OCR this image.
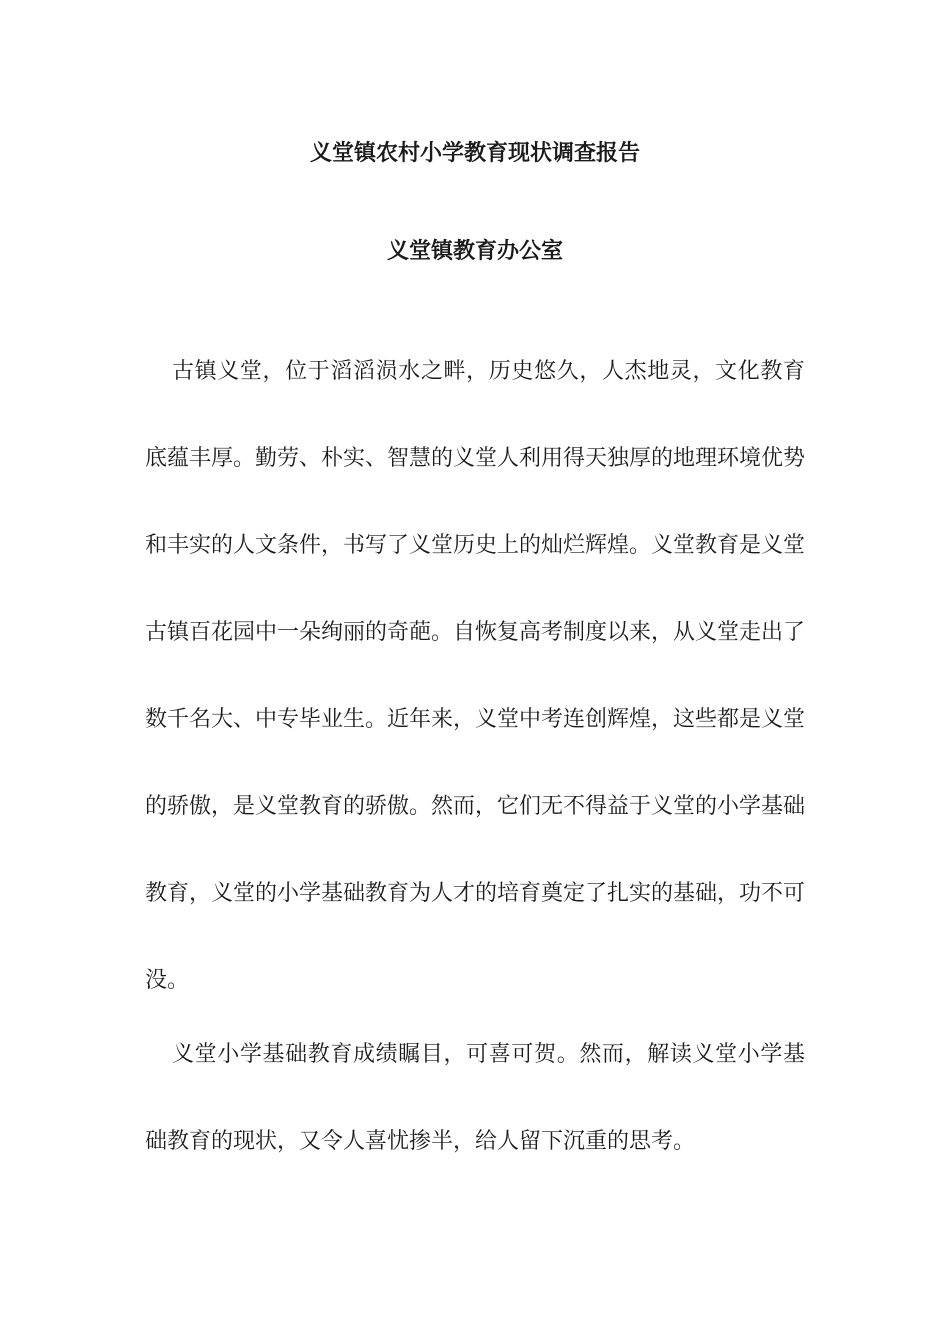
义堂镇农村小学教育现状调查报告
义堂镇教育办公室

古镇义堂，位于滔滔涢水之畔，历史悠久，人杰地灵，文化教育底蕴丰厚。勤劳、朴实、智慧的义堂人利用得天独厚的地理环境优势和丰实的人文条件，书写了义堂历史上的灿烂辉煌。义堂教育是义堂古镇百花园中一朵绚丽的奇葩。自恢复高考制度以来，从义堂走出了数千名大、中专毕业生。近年来，义堂中考连创辉煌，这些都是义堂的骄傲，是义堂教育的骄傲。然而，它们无不得益于义堂的小学基础教育，义堂的小学基础教育为人才的培育奠定了扎实的基础，功不可没。

义堂小学基础教育成绩瞩目，可喜可贺。然而，解读义堂小学基础教育的现状，又令人喜忧掺半，给人留下沉重的思考。
